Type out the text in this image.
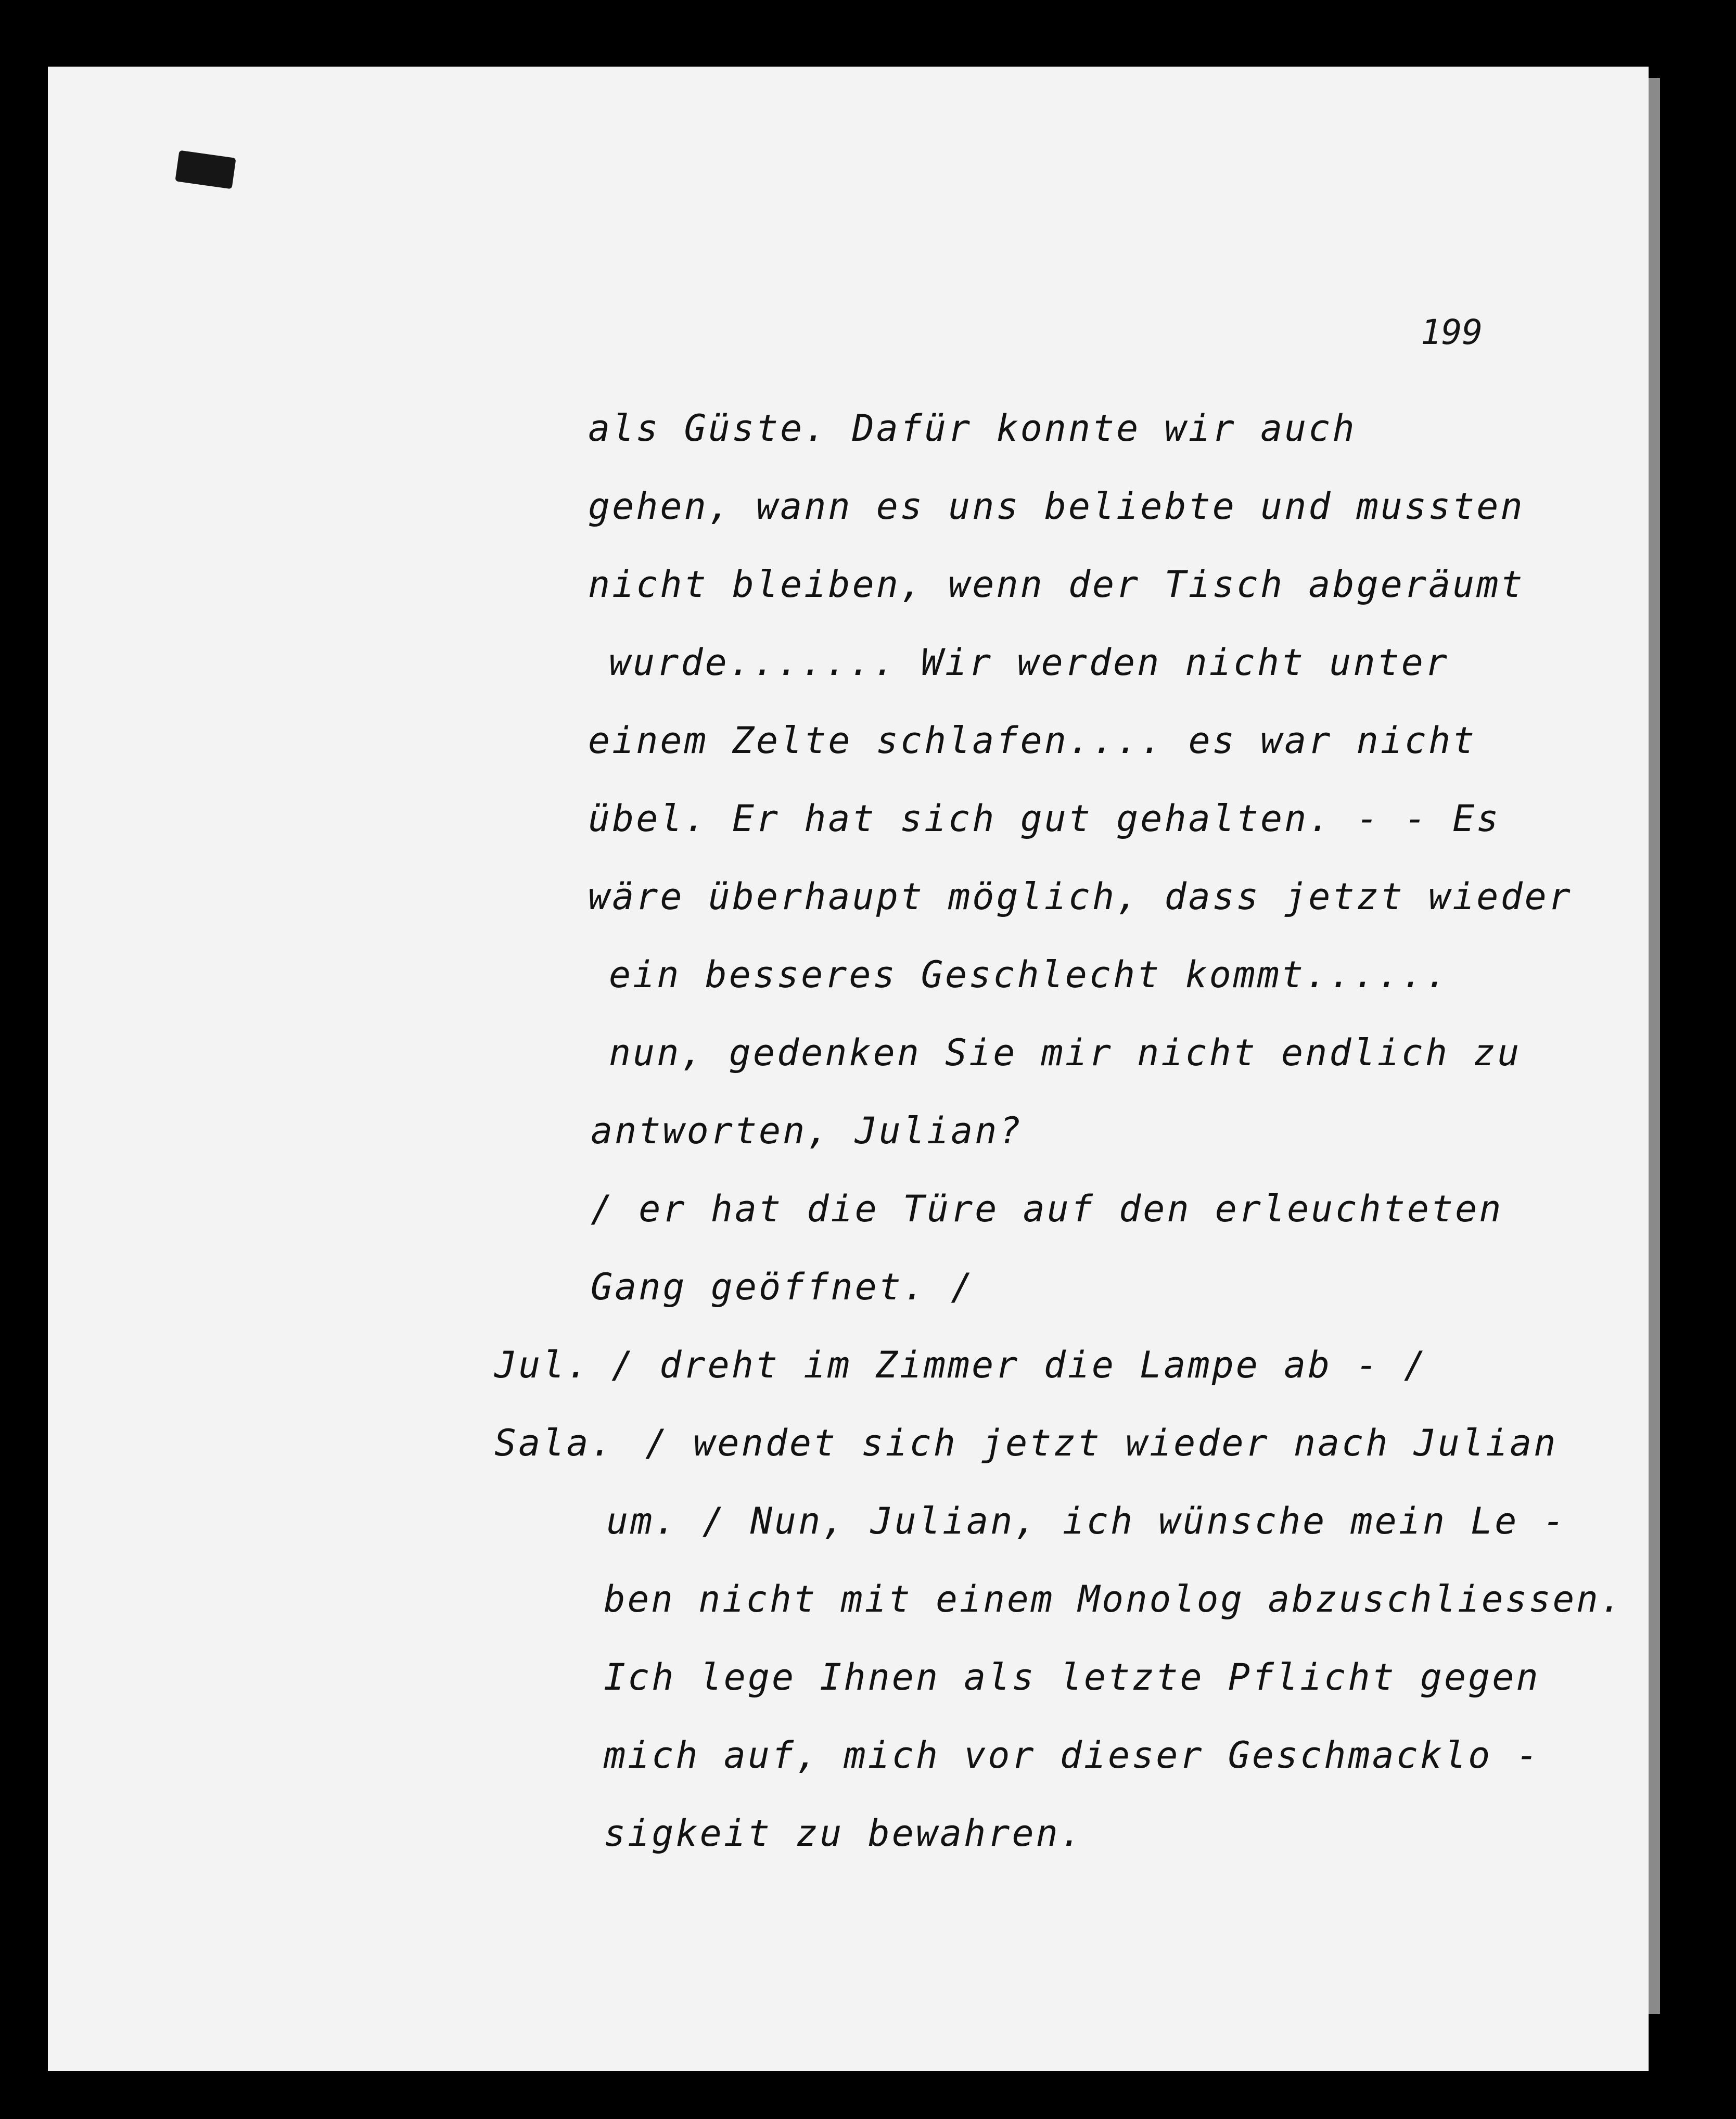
199
als Güste. Dafür konnte wir auch
gehen, wann es uns beliebte und mussten
nicht bleiben, wenn der Tisch abgeräumt
wurde....... Wir werden nicht unter
einem Zelte schlafen.... es war nicht
übel. Er hat sich gut gehalten. - - Es
wäre überhaupt möglich, dass jetzt wieder
ein besseres Geschlecht kommt......
nun, gedenken Sie mir nicht endlich zu
antworten, Julian?
/ er hat die Türe auf den erleuchteten
Gang geöffnet. /
Jul. / dreht im Zimmer die Lampe ab - /
Sala. / wendet sich jetzt wieder nach Julian
um. / Nun, Julian, ich wünsche mein Le -
ben nicht mit einem Monolog abzuschliessen.
Ich lege Ihnen als letzte Pflicht gegen
mich auf, mich vor dieser Geschmacklo -
sigkeit zu bewahren.
